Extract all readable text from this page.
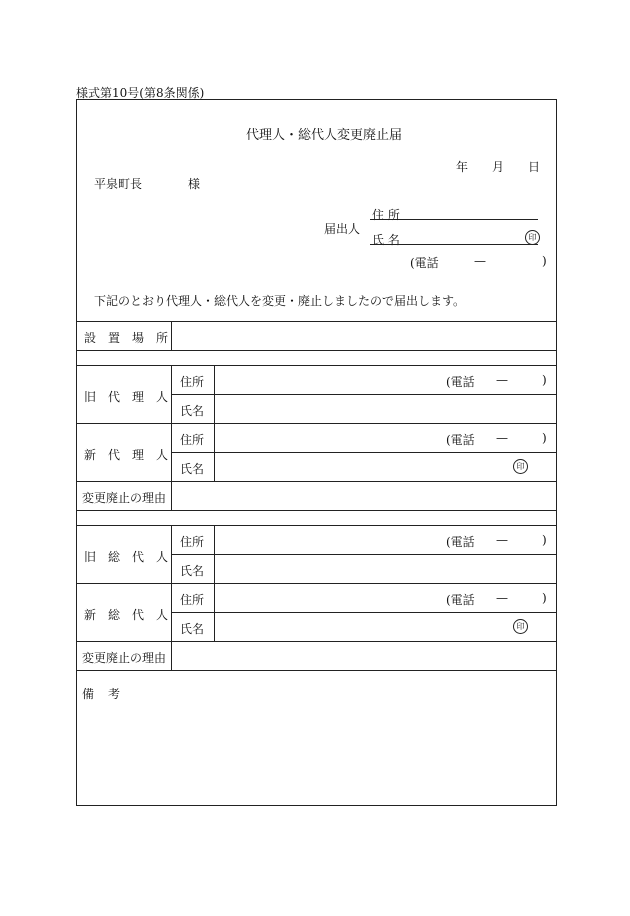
様式第10号(第8条関係)
代理人・総代人変更廃止届
年 月 日
平泉町長	様
届出人
住 所
氏 名	印
(電話	—	)
下記のとおり代理人・総代人を変更・廃止しましたので届出します。
設置場所
旧代理人
住所	(電話 —	)
氏名
新代理人
住所	(電話 —	)
氏名	印
変更廃止の理由
旧総代人
住所	(電話 —	)
氏名
新総代人
住所	(電話 —	)
氏名	印
変更廃止の理由
備考
